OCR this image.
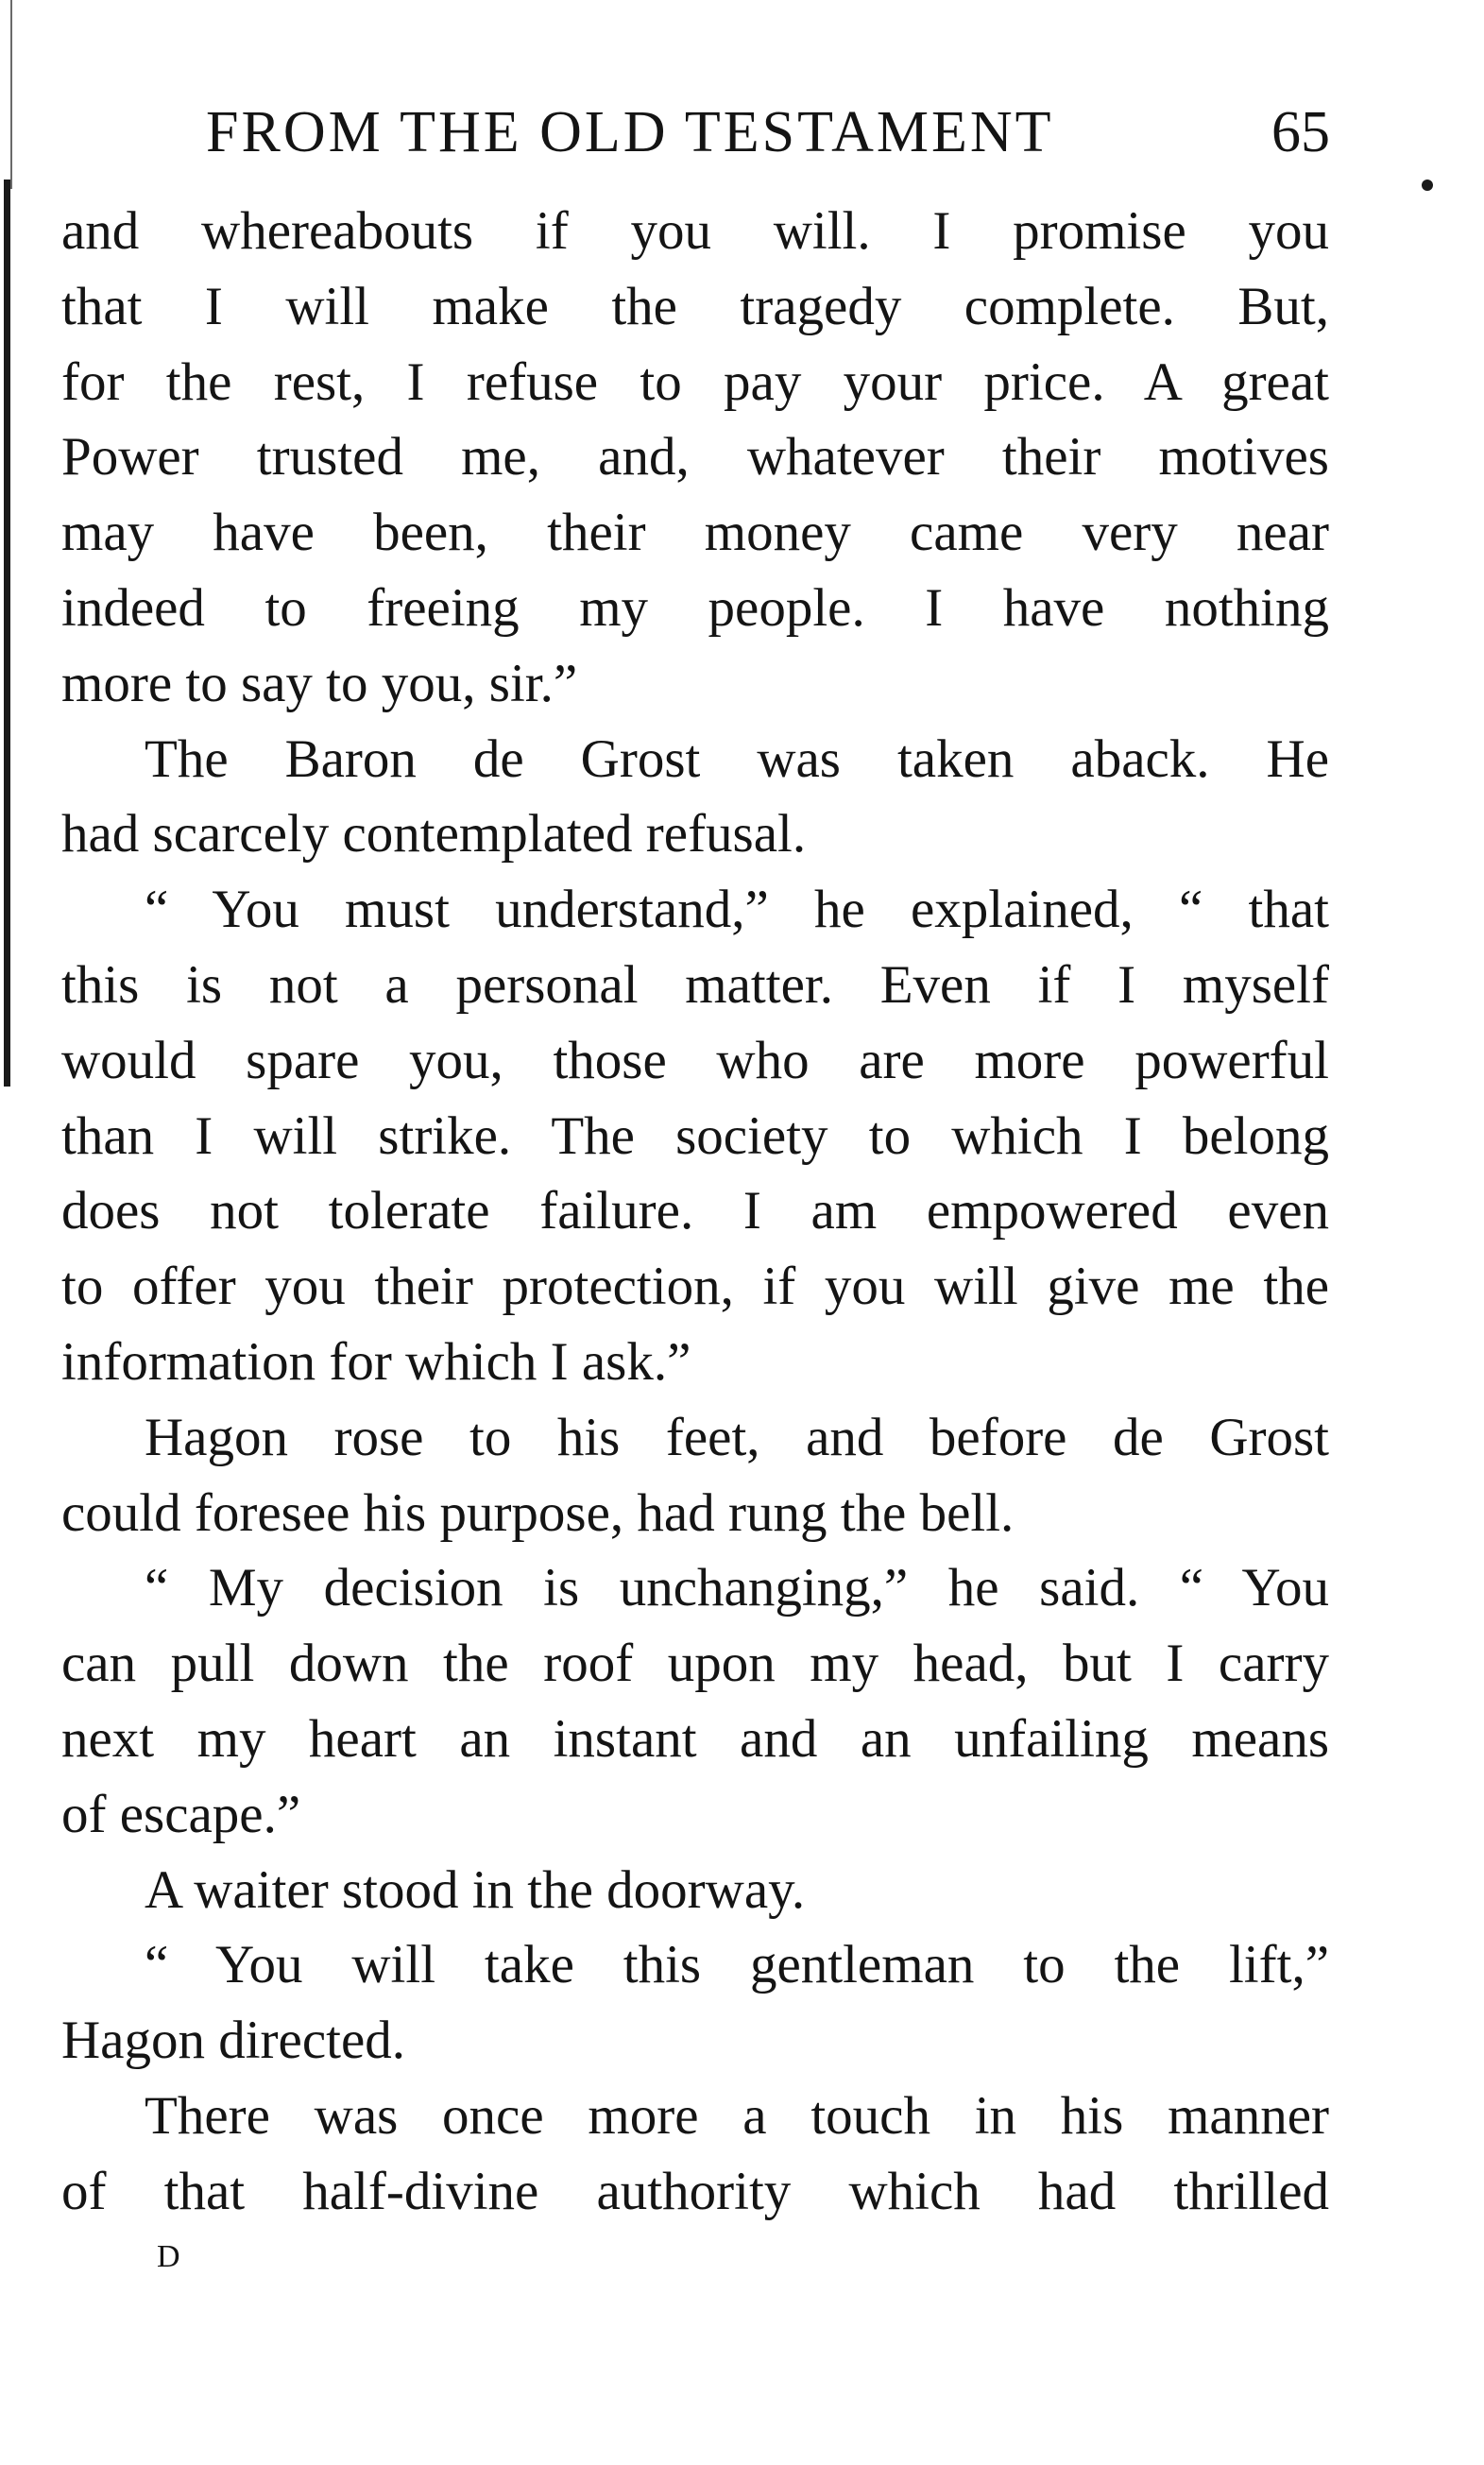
FROM THE OLD TESTAMENT	65
and whereabouts if you will. I promise you
that I will make the tragedy complete. But,
for the rest, I refuse to pay your price. A great
Power trusted me, and, whatever their motives
may have been, their money came very near
indeed to freeing my people. I have nothing
more to say to you, sir.”
The Baron de Grost was taken aback. He
had scarcely contemplated refusal.
“ You must understand,” he explained, “ that
this is not a personal matter. Even if I myself
would spare you, those who are more powerful
than I will strike. The society to which I belong
does not tolerate failure. I am empowered even
to offer you their protection, if you will give me the
information for which I ask.”
Hagon rose to his feet, and before de Grost
could foresee his purpose, had rung the bell.
“ My decision is unchanging,” he said. “ You
can pull down the roof upon my head, but I carry
next my heart an instant and an unfailing means
of escape.”
A waiter stood in the doorway.
“ You will take this gentleman to the lift,”
Hagon directed.
There was once more a touch in his manner
of that half-divine authority which had thrilled
D
